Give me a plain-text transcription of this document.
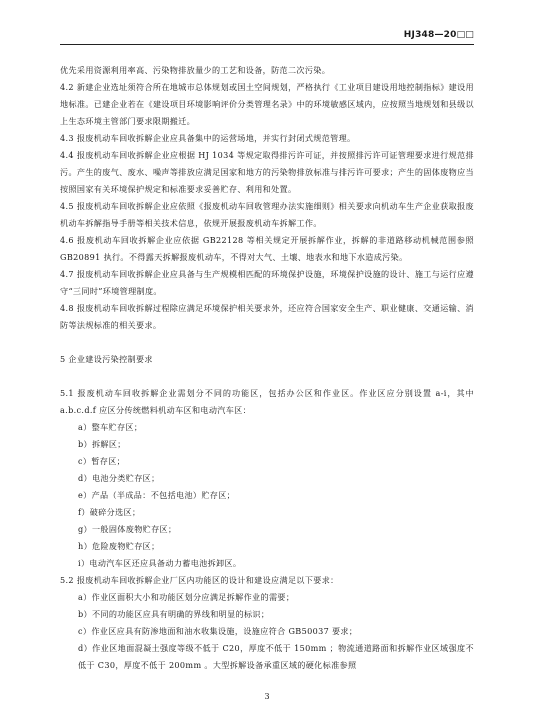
HJ348—20□□

优先采用资源利用率高、污染物排放量少的工艺和设备，防范二次污染。

4.2 新建企业选址须符合所在地城市总体规划或国土空间规划，严格执行《工业项目建设用地控制指标》建设用地标准。已建企业若在《建设项目环境影响评价分类管理名录》中的环境敏感区域内，应按照当地规划和县级以上生态环境主管部门要求限期搬迁。

4.3 报废机动车回收拆解企业应具备集中的运营场地，并实行封闭式规范管理。

4.4 报废机动车回收拆解企业应根据 HJ 1034 等规定取得排污许可证，并按照排污许可证管理要求进行规范排污。产生的废气、废水、噪声等排放应满足国家和地方的污染物排放标准与排污许可要求；产生的固体废物应当按照国家有关环境保护规定和标准要求妥善贮存、利用和处置。

4.5 报废机动车回收拆解企业应依照《报废机动车回收管理办法实施细则》相关要求向机动车生产企业获取报废机动车拆解指导手册等相关技术信息，依规开展报废机动车拆解工作。

4.6 报废机动车回收拆解企业应依据 GB22128 等相关规定开展拆解作业，拆解的非道路移动机械范围参照 GB20891 执行。不得露天拆解报废机动车，不得对大气、土壤、地表水和地下水造成污染。

4.7 报废机动车回收拆解企业应具备与生产规模相匹配的环境保护设施，环境保护设施的设计、施工与运行应遵守“三同时”环境管理制度。

4.8 报废机动车回收拆解过程除应满足环境保护相关要求外，还应符合国家安全生产、职业健康、交通运输、消防等法规标准的相关要求。

5 企业建设污染控制要求

5.1 报废机动车回收拆解企业需划分不同的功能区，包括办公区和作业区。作业区应分别设置 a-i，其中 a.b.c.d.f 应区分传统燃料机动车区和电动汽车区：

a）整车贮存区；

b）拆解区；

c）暂存区；

d）电池分类贮存区；

e）产品（半成品：不包括电池）贮存区；

f）破碎分选区；

g）一般固体废物贮存区；

h）危险废物贮存区；

i）电动汽车区还应具备动力蓄电池拆卸区。

5.2 报废机动车回收拆解企业厂区内功能区的设计和建设应满足以下要求：

a）作业区面积大小和功能区划分应满足拆解作业的需要；

b）不同的功能区应具有明确的界线和明显的标识；

c）作业区应具有防渗地面和油水收集设施，设施应符合 GB50037 要求；

d）作业区地面混凝土强度等级不低于 C20，厚度不低于 150mm ；物流通道路面和拆解作业区域强度不低于 C30，厚度不低于 200mm 。大型拆解设备承重区域的硬化标准参照

3
